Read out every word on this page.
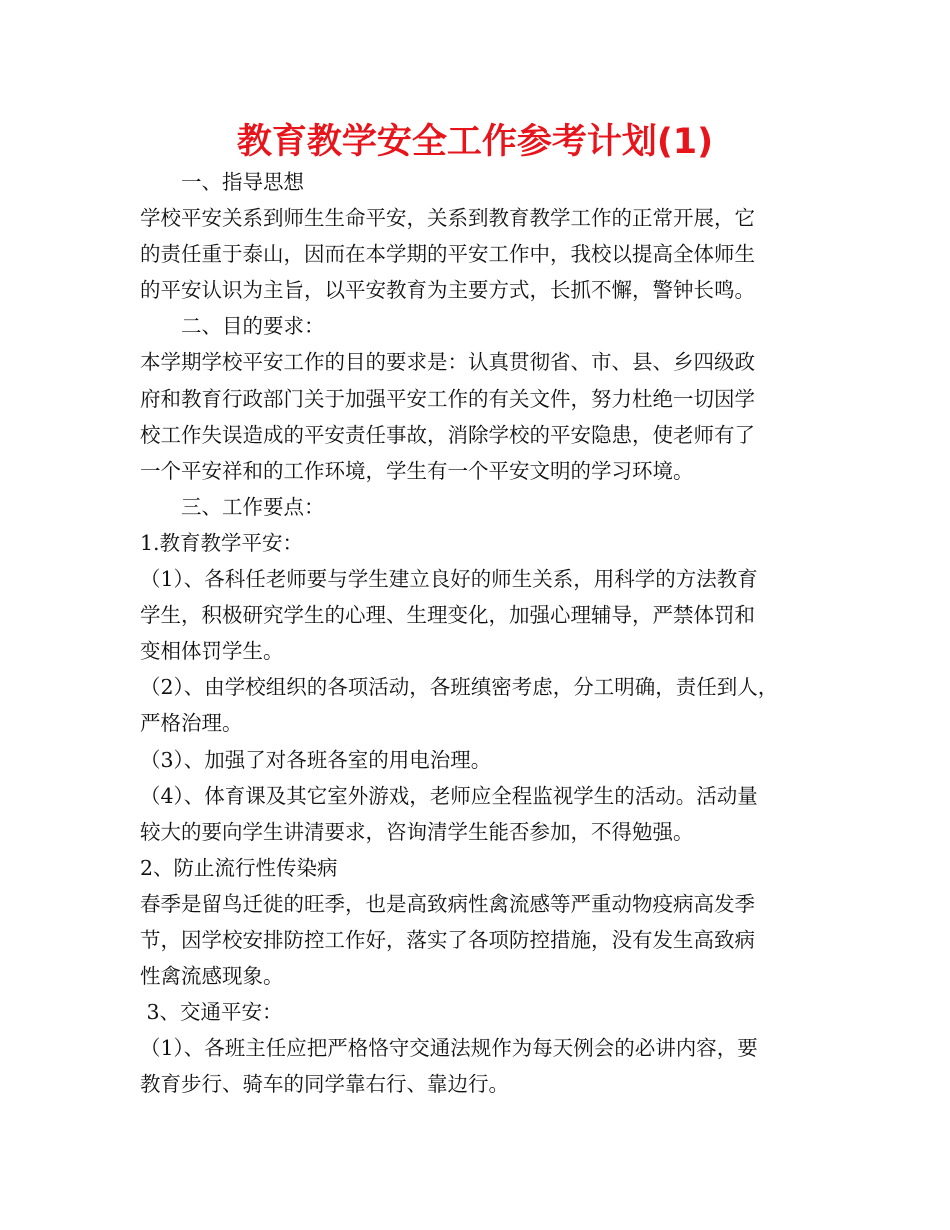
教育教学安全工作参考计划(1)

一、指导思想

学校平安关系到师生生命平安，关系到教育教学工作的正常开展，它

的责任重于泰山，因而在本学期的平安工作中，我校以提高全体师生

的平安认识为主旨，以平安教育为主要方式，长抓不懈，警钟长鸣。

二、目的要求：

本学期学校平安工作的目的要求是：认真贯彻省、市、县、乡四级政

府和教育行政部门关于加强平安工作的有关文件，努力杜绝一切因学

校工作失误造成的平安责任事故，消除学校的平安隐患，使老师有了

一个平安祥和的工作环境，学生有一个平安文明的学习环境。

三、工作要点：

1.教育教学平安：

（1）、各科任老师要与学生建立良好的师生关系，用科学的方法教育

学生，积极研究学生的心理、生理变化，加强心理辅导，严禁体罚和

变相体罚学生。

（2）、由学校组织的各项活动，各班缜密考虑，分工明确，责任到人，

严格治理。

（3）、加强了对各班各室的用电治理。

（4）、体育课及其它室外游戏，老师应全程监视学生的活动。活动量

较大的要向学生讲清要求，咨询清学生能否参加，不得勉强。

2、防止流行性传染病

春季是留鸟迁徙的旺季，也是高致病性禽流感等严重动物疫病高发季

节，因学校安排防控工作好，落实了各项防控措施，没有发生高致病

性禽流感现象。

3、交通平安：

（1）、各班主任应把严格恪守交通法规作为每天例会的必讲内容，要

教育步行、骑车的同学靠右行、靠边行。
